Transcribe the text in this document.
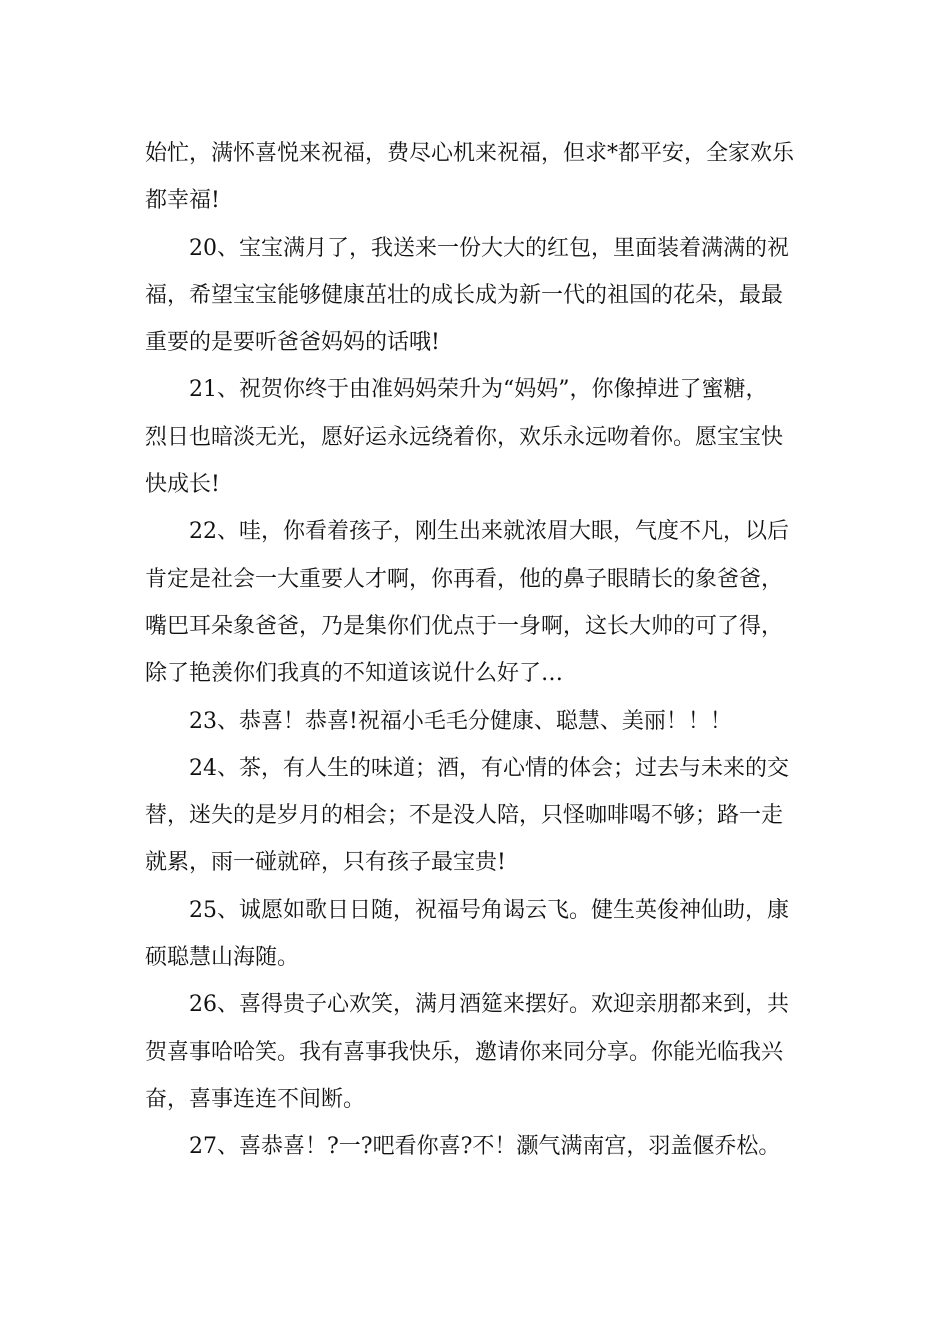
始忙，满怀喜悦来祝福，费尽心机来祝福，但求*都平安，全家欢乐
都幸福!
20、宝宝满月了，我送来一份大大的红包，里面装着满满的祝
福，希望宝宝能够健康茁壮的成长成为新一代的祖国的花朵，最最
重要的是要听爸爸妈妈的话哦!
21、祝贺你终于由准妈妈荣升为“妈妈”，你像掉进了蜜糖，
烈日也暗淡无光，愿好运永远绕着你，欢乐永远吻着你。愿宝宝快
快成长!
22、哇，你看着孩子，刚生出来就浓眉大眼，气度不凡，以后
肯定是社会一大重要人才啊，你再看，他的鼻子眼睛长的象爸爸，
嘴巴耳朵象爸爸，乃是集你们优点于一身啊，这长大帅的可了得，
除了艳羡你们我真的不知道该说什么好了…
23、恭喜！恭喜!祝福小毛毛分健康、聪慧、美丽！！！
24、茶，有人生的味道；酒，有心情的体会；过去与未来的交
替，迷失的是岁月的相会；不是没人陪，只怪咖啡喝不够；路一走
就累，雨一碰就碎，只有孩子最宝贵!
25、诚愿如歌日日随，祝福号角谒云飞。健生英俊神仙助，康
硕聪慧山海随。
26、喜得贵子心欢笑，满月酒筵来摆好。欢迎亲朋都来到，共
贺喜事哈哈笑。我有喜事我快乐，邀请你来同分享。你能光临我兴
奋，喜事连连不间断。
27、喜恭喜！?一?吧看你喜?不！灏气满南宫，羽盖偃乔松。
